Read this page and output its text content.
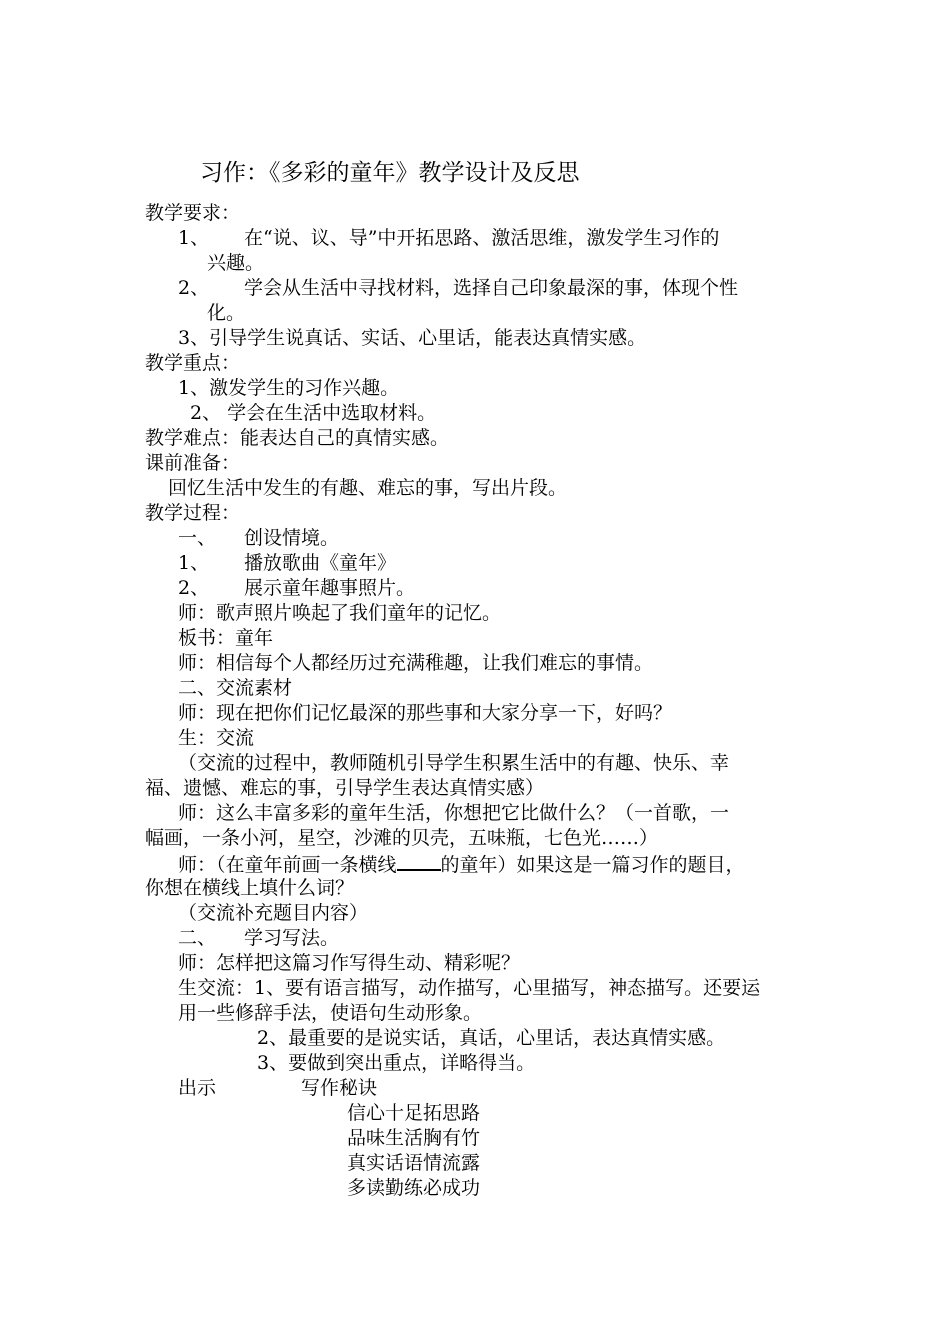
习作：《多彩的童年》教学设计及反思
教学要求：
1、 在“说、议、导”中开拓思路、激活思维，激发学生习作的
兴趣。
2、 学会从生活中寻找材料，选择自己印象最深的事，体现个性
化。
3、引导学生说真话、实话、心里话，能表达真情实感。
教学重点：
1、激发学生的习作兴趣。
2、 学会在生活中选取材料。
教学难点：能表达自己的真情实感。
课前准备：
回忆生活中发生的有趣、难忘的事，写出片段。
教学过程：
一、 创设情境。
1、 播放歌曲《童年》
2、 展示童年趣事照片。
师：歌声照片唤起了我们童年的记忆。
板书：童年
师：相信每个人都经历过充满稚趣，让我们难忘的事情。
二、交流素材
师：现在把你们记忆最深的那些事和大家分享一下，好吗？
生：交流
（交流的过程中，教师随机引导学生积累生活中的有趣、快乐、幸
福、遗憾、难忘的事，引导学生表达真情实感）
师：这么丰富多彩的童年生活，你想把它比做什么？（一首歌，一
幅画，一条小河，星空，沙滩的贝壳，五味瓶，七色光……）
师：（在童年前画一条横线 的童年）如果这是一篇习作的题目，
你想在横线上填什么词？
（交流补充题目内容）
二、 学习写法。
师：怎样把这篇习作写得生动、精彩呢？
生交流：1、要有语言描写，动作描写，心里描写，神态描写。还要运
用一些修辞手法，使语句生动形象。
2、最重要的是说实话，真话，心里话，表达真情实感。
3、要做到突出重点，详略得当。
出示	写作秘诀
信心十足拓思路
品味生活胸有竹
真实话语情流露
多读勤练必成功
